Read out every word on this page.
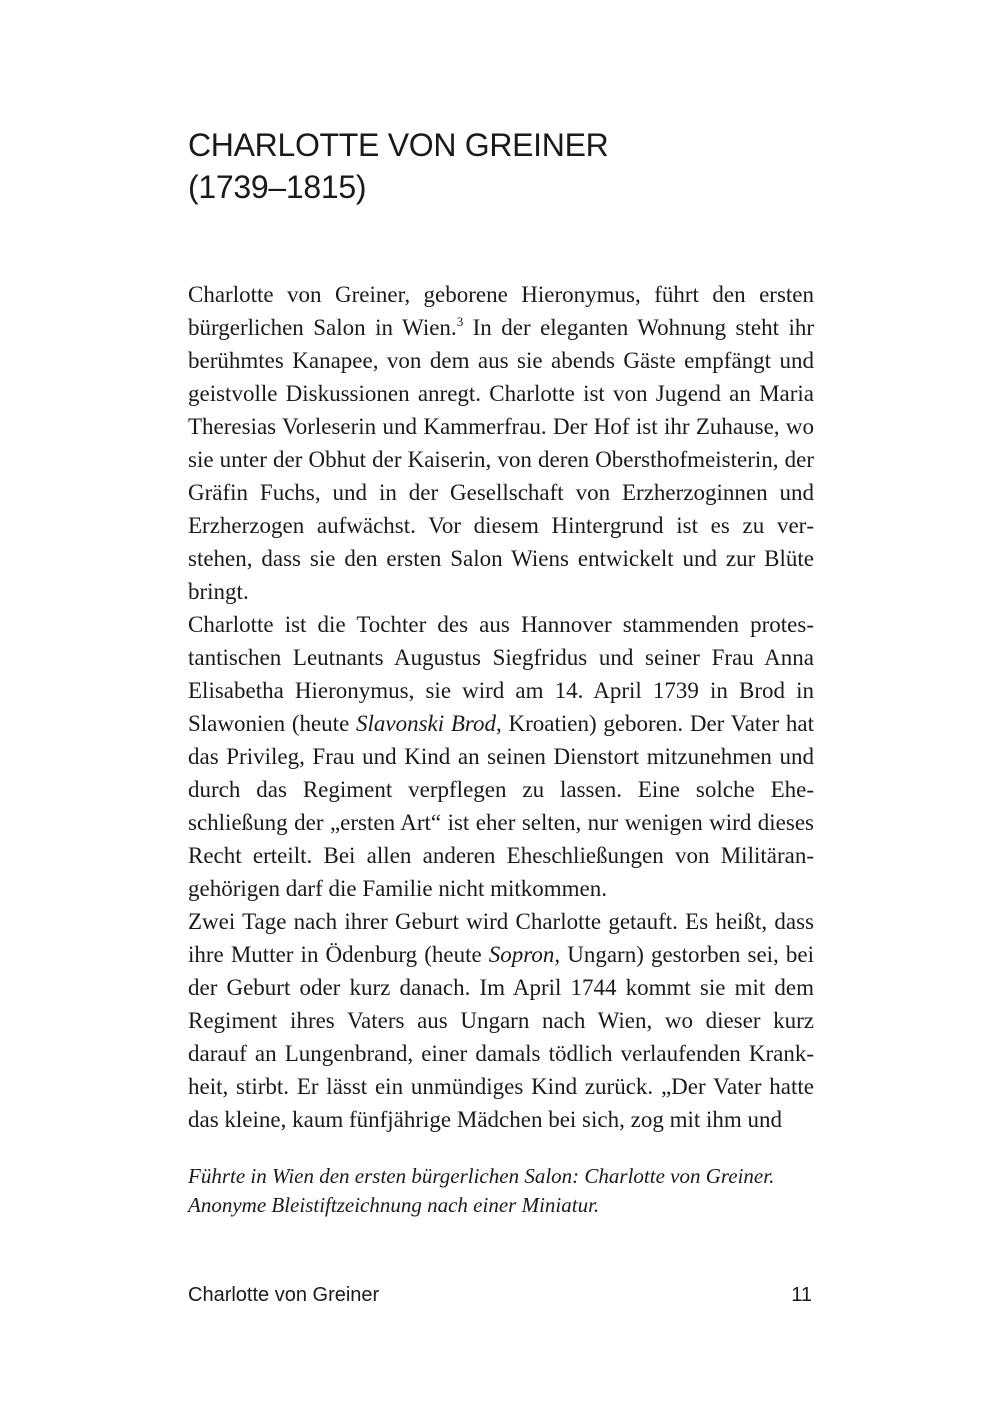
CHARLOTTE VON GREINER
(1739–1815)

Charlotte von Greiner, geborene Hieronymus, führt den ersten bürgerlichen Salon in Wien.$^3$ In der eleganten Wohnung steht ihr berühmtes Kanapee, von dem aus sie abends Gäste empfängt und geistvolle Diskussionen anregt. Charlotte ist von Jugend an Maria Theresias Vorleserin und Kammerfrau. Der Hof ist ihr Zuhause, wo sie unter der Obhut der Kaiserin, von deren Obersthofmeisterin, der Gräfin Fuchs, und in der Gesellschaft von Erzherzoginnen und Erzherzogen aufwächst. Vor diesem Hintergrund ist es zu verstehen, dass sie den ersten Salon Wiens entwickelt und zur Blüte bringt.

Charlotte ist die Tochter des aus Hannover stammenden protestantischen Leutnants Augustus Siegfridus und seiner Frau Anna Elisabetha Hieronymus, sie wird am 14. April 1739 in Brod in Slawonien (heute Slavonski Brod, Kroatien) geboren. Der Vater hat das Privileg, Frau und Kind an seinen Dienstort mitzunehmen und durch das Regiment verpflegen zu lassen. Eine solche Eheschließung der „ersten Art“ ist eher selten, nur wenigen wird dieses Recht erteilt. Bei allen anderen Eheschließungen von Militärangehörigen darf die Familie nicht mitkommen.

Zwei Tage nach ihrer Geburt wird Charlotte getauft. Es heißt, dass ihre Mutter in Ödenburg (heute Sopron, Ungarn) gestorben sei, bei der Geburt oder kurz danach. Im April 1744 kommt sie mit dem Regiment ihres Vaters aus Ungarn nach Wien, wo dieser kurz darauf an Lungenbrand, einer damals tödlich verlaufenden Krankheit, stirbt. Er lässt ein unmündiges Kind zurück. „Der Vater hatte das kleine, kaum fünfjährige Mädchen bei sich, zog mit ihm und

Führte in Wien den ersten bürgerlichen Salon: Charlotte von Greiner.
Anonyme Bleistiftzeichnung nach einer Miniatur.
Charlotte von Greiner	11
